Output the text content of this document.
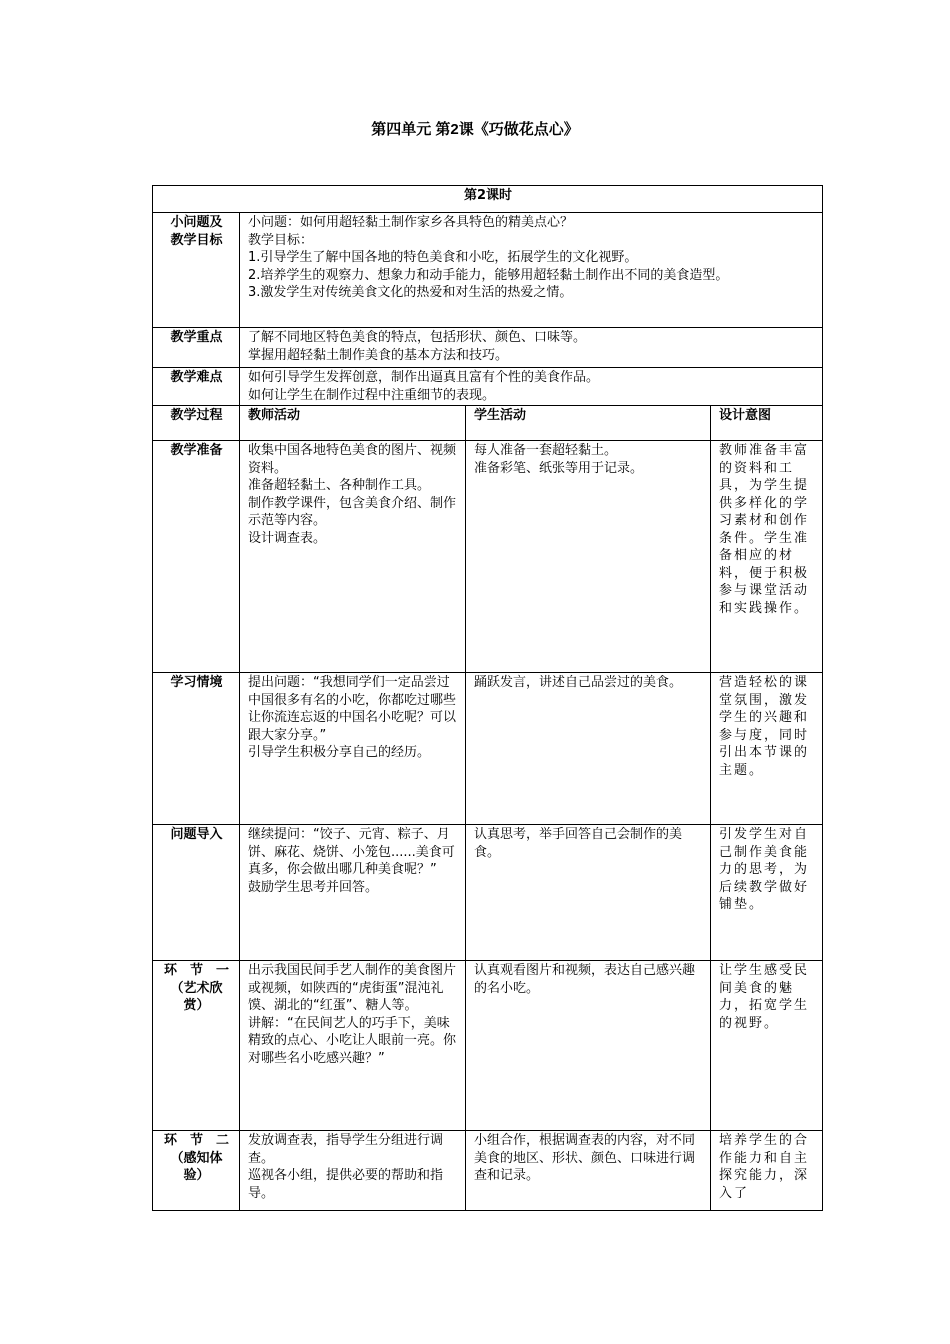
第四单元 第2课《巧做花点心》
第2课时			

小问题及
教学目标	小问题：如何用超轻黏土制作家乡各具特色的精美点心？
教学目标：
1.引导学生了解中国各地的特色美食和小吃，拓展学生的文化视野。
2.培养学生的观察力、想象力和动手能力，能够用超轻黏土制作出不同的美食造型。
3.激发学生对传统美食文化的热爱和对生活的热爱之情。		

教学重点	了解不同地区特色美食的特点，包括形状、颜色、口味等。
掌握用超轻黏土制作美食的基本方法和技巧。		

教学难点	如何引导学生发挥创意，制作出逼真且富有个性的美食作品。
如何让学生在制作过程中注重细节的表现。		

教学过程	教师活动	学生活动	设计意图

教学准备	收集中国各地特色美食的图片、视频资料。
准备超轻黏土、各种制作工具。
制作教学课件，包含美食介绍、制作示范等内容。
设计调查表。	每人准备一套超轻黏土。
准备彩笔、纸张等用于记录。	教师准备丰富的资料和工具，为学生提供多样化的学习素材和创作条件。学生准备相应的材料，便于积极参与课堂活动和实践操作。

学习情境	提出问题：“我想同学们一定品尝过中国很多有名的小吃，你都吃过哪些让你流连忘返的中国名小吃呢？可以跟大家分享。”
引导学生积极分享自己的经历。	踊跃发言，讲述自己品尝过的美食。	营造轻松的课堂氛围，激发学生的兴趣和参与度，同时引出本节课的主题。

问题导入	继续提问：“饺子、元宵、粽子、月饼、麻花、烧饼、小笼包......美食可真多，你会做出哪几种美食呢？”
鼓励学生思考并回答。	认真思考，举手回答自己会制作的美食。	引发学生对自己制作美食能力的思考，为后续教学做好铺垫。

环　节　一
（艺术欣
赏）	出示我国民间手艺人制作的美食图片或视频，如陕西的“虎街蛋”混沌礼馍、湖北的“红蛋”、糖人等。
讲解：“在民间艺人的巧手下，美味精致的点心、小吃让人眼前一亮。你对哪些名小吃感兴趣？”	认真观看图片和视频，表达自己感兴趣的名小吃。	让学生感受民间美食的魅力，拓宽学生的视野。

环　节　二
（感知体
验）	发放调查表，指导学生分组进行调查。
巡视各小组，提供必要的帮助和指导。	小组合作，根据调查表的内容，对不同美食的地区、形状、颜色、口味进行调查和记录。	培养学生的合作能力和自主探究能力，深入了
